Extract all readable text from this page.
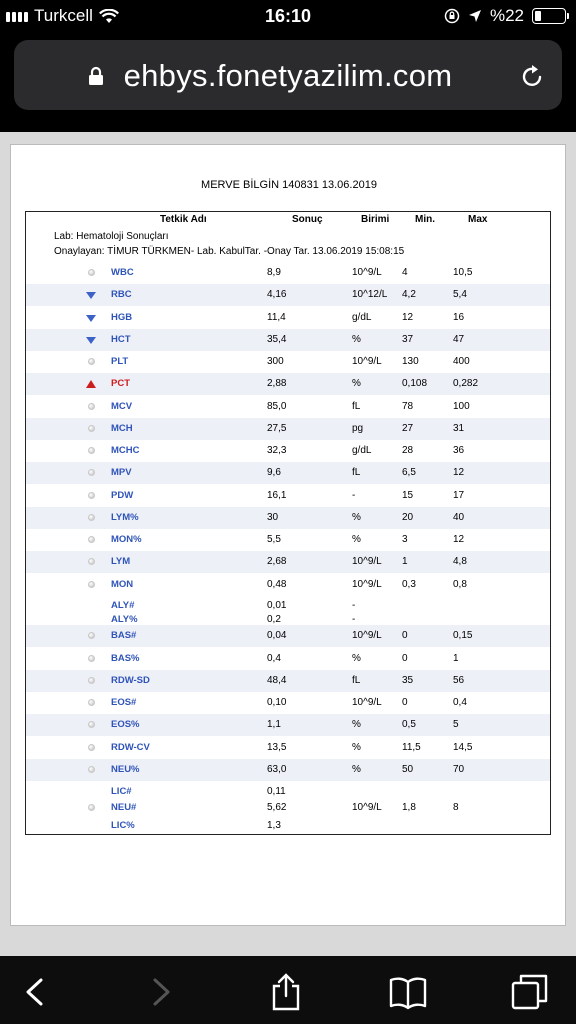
Turkcell	16:10	%22
ehbys.fonetyazilim.com
MERVE BİLGİN 140831 13.06.2019
Tetkik Adı	Sonuç	Birimi	Min.	Max
Lab: Hematoloji Sonuçları
Onaylayan: TİMUR TÜRKMEN- Lab. KabulTar. -Onay Tar. 13.06.2019 15:08:15
WBC	8,9	10^9/L 4	10,5
RBC	4,16	10^12/L 4,2	5,4
HGB	11,4	g/dL	12	16
HCT	35,4	%	37	47
PLT	300	10^9/L 130	400
PCT	2,88	%	0,108	0,282
MCV	85,0	fL	78	100
MCH	27,5	pg	27	31
MCHC	32,3	g/dL	28	36
MPV	9,6	fL	6,5	12
PDW	16,1	-	15	17
LYM%	30	%	20	40
MON%	5,5	%	3	12
LYM	2,68	10^9/L 1	4,8
MON	0,48	10^9/L 0,3	0,8
ALY#	0,01	-
ALY%	0,2	-
BAS#	0,04	10^9/L 0	0,15
BAS%	0,4	%	0	1
RDW-SD	48,4	fL	35	56
EOS#	0,10	10^9/L 0	0,4
EOS%	1,1	%	0,5	5
RDW-CV	13,5	%	11,5	14,5
NEU%	63,0	%	50	70
LIC#	0,11
NEU#	5,62	10^9/L 1,8	8
LIC%	1,3
